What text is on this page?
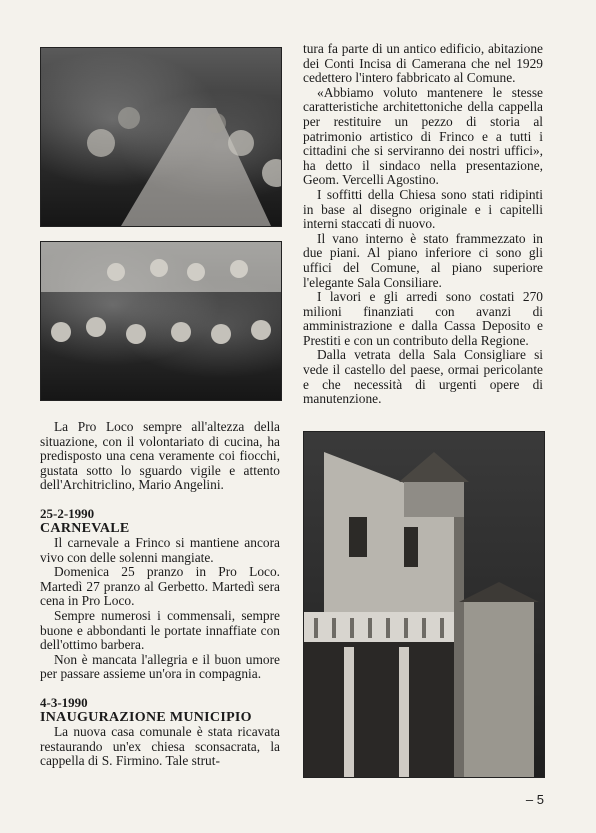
La Pro Loco sempre all'altezza della situazione, con il volontariato di cucina, ha predisposto una cena veramente coi fiocchi, gustata sotto lo sguardo vigile e attento dell'Architriclino, Mario Angelini.

25-2-1990
CARNEVALE

Il carnevale a Frinco si mantiene ancora vivo con delle solenni mangiate.

Domenica 25 pranzo in Pro Loco. Martedì 27 pranzo al Gerbetto. Martedì sera cena in Pro Loco.

Sempre numerosi i commensali, sempre buone e abbondanti le portate innaffiate con dell'ottimo barbera.

Non è mancata l'allegria e il buon umore per passare assieme un'ora in compagnia.

4-3-1990
INAUGURAZIONE MUNICIPIO

La nuova casa comunale è stata ricavata restaurando un'ex chiesa sconsacrata, la cappella di S. Firmino. Tale strut-

tura fa parte di un antico edificio, abitazione dei Conti Incisa di Camerana che nel 1929 cedettero l'intero fabbricato al Comune.

«Abbiamo voluto mantenere le stesse caratteristiche architettoniche della cappella per restituire un pezzo di storia al patrimonio artistico di Frinco e a tutti i cittadini che si serviranno dei nostri uffici», ha detto il sindaco nella presentazione, Geom. Vercelli Agostino.

I soffitti della Chiesa sono stati ridipinti in base al disegno originale e i capitelli interni staccati di nuovo.

Il vano interno è stato frammezzato in due piani. Al piano inferiore ci sono gli uffici del Comune, al piano superiore l'elegante Sala Consiliare.

I lavori e gli arredi sono costati 270 milioni finanziati con avanzi di amministrazione e dalla Cassa Deposito e Prestiti e con un contributo della Regione.

Dalla vetrata della Sala Consigliare si vede il castello del paese, ormai pericolante e che necessità di urgenti opere di manutenzione.

– 5
